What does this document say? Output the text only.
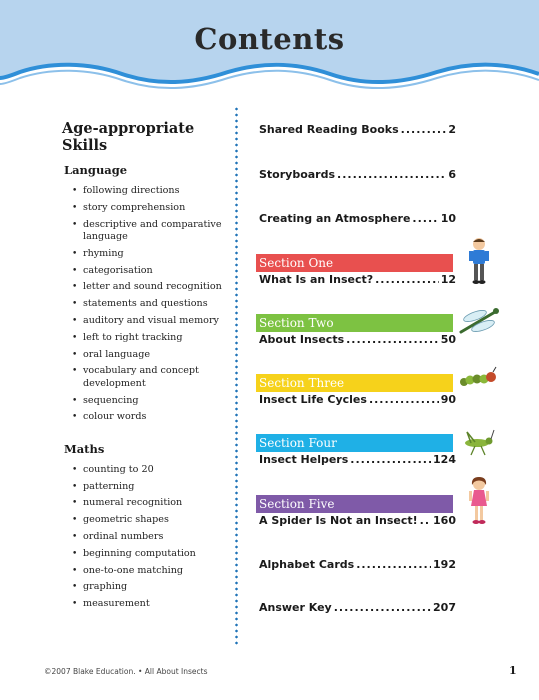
Contents
Age-appropriate Skills
Language
• following directions
• story comprehension
• descriptive and comparative language
• rhyming
• categorisation
• letter and sound recognition
• statements and questions
• auditory and visual memory
• left to right tracking
• oral language
• vocabulary and concept development
• sequencing
• colour words
Maths
• counting to 20
• patterning
• numeral recognition
• geometric shapes
• ordinal numbers
• beginning computation
• one-to-one matching
• graphing
• measurement
Shared Reading Books .....	2
Storyboards .....	6
Creating an Atmosphere .....	10
Section One
What Is an Insect? .....	12
Section Two
About Insects .....	50
Section Three
Insect Life Cycles .....	90
Section Four
Insect Helpers .....	124
Section Five
A Spider Is Not an Insect! ..... 160
Alphabet Cards .....	192
Answer Key .....	207
©2007 Blake Education. • All About Insects	1
